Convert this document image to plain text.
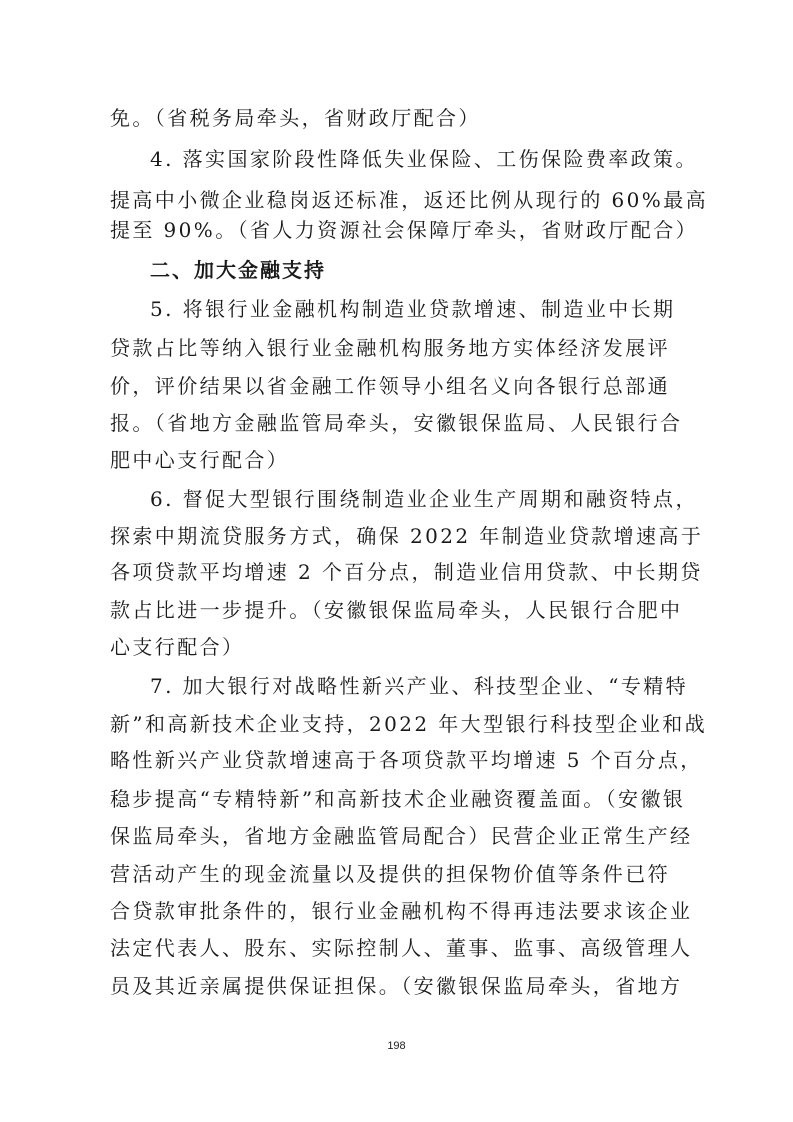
免。（省税务局牵头，省财政厅配合）
4. 落实国家阶段性降低失业保险、工伤保险费率政策。
提高中小微企业稳岗返还标准，返还比例从现行的 60%最高
提至 90%。（省人力资源社会保障厅牵头，省财政厅配合）
二、加大金融支持
5. 将银行业金融机构制造业贷款增速、制造业中长期
贷款占比等纳入银行业金融机构服务地方实体经济发展评
价，评价结果以省金融工作领导小组名义向各银行总部通
报。（省地方金融监管局牵头，安徽银保监局、人民银行合
肥中心支行配合）
6. 督促大型银行围绕制造业企业生产周期和融资特点，
探索中期流贷服务方式，确保 2022 年制造业贷款增速高于
各项贷款平均增速 2 个百分点，制造业信用贷款、中长期贷
款占比进一步提升。（安徽银保监局牵头，人民银行合肥中
心支行配合）
7. 加大银行对战略性新兴产业、科技型企业、“专精特
新”和高新技术企业支持，2022 年大型银行科技型企业和战
略性新兴产业贷款增速高于各项贷款平均增速 5 个百分点，
稳步提高“专精特新”和高新技术企业融资覆盖面。（安徽银
保监局牵头，省地方金融监管局配合）民营企业正常生产经
营活动产生的现金流量以及提供的担保物价值等条件已符
合贷款审批条件的，银行业金融机构不得再违法要求该企业
法定代表人、股东、实际控制人、董事、监事、高级管理人
员及其近亲属提供保证担保。（安徽银保监局牵头，省地方
198
